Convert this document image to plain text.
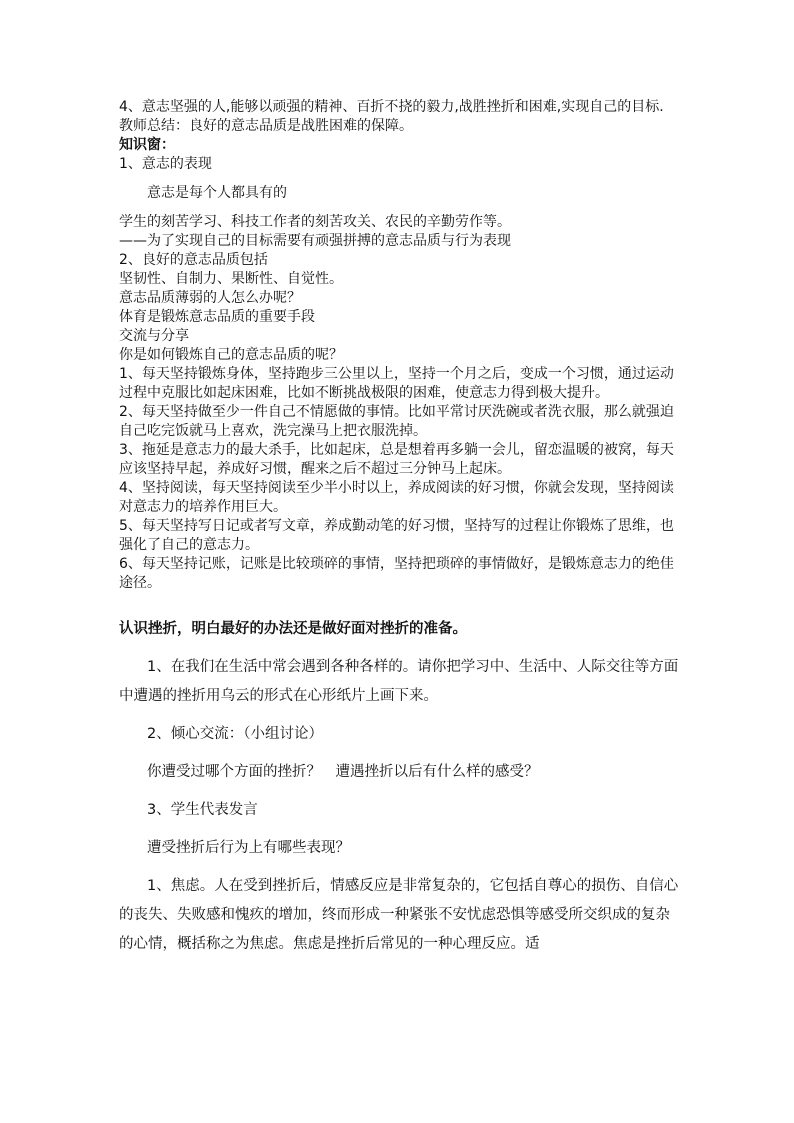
4、意志坚强的人,能够以顽强的精神、百折不挠的毅力,战胜挫折和困难,实现自己的目标.

教师总结：良好的意志品质是战胜困难的保障。

知识窗：

1、意志的表现

意志是每个人都具有的

学生的刻苦学习、科技工作者的刻苦攻关、农民的辛勤劳作等。

——为了实现自己的目标需要有顽强拼搏的意志品质与行为表现

2、良好的意志品质包括

坚韧性、自制力、果断性、自觉性。

意志品质薄弱的人怎么办呢？

体育是锻炼意志品质的重要手段

交流与分享

你是如何锻炼自己的意志品质的呢？

1、每天坚持锻炼身体，坚持跑步三公里以上，坚持一个月之后，变成一个习惯，通过运动过程中克服比如起床困难，比如不断挑战极限的困难，使意志力得到极大提升。

2、每天坚持做至少一件自己不情愿做的事情。比如平常讨厌洗碗或者洗衣服，那么就强迫自己吃完饭就马上喜欢，洗完澡马上把衣服洗掉。

3、拖延是意志力的最大杀手，比如起床，总是想着再多躺一会儿，留恋温暖的被窝，每天应该坚持早起，养成好习惯，醒来之后不超过三分钟马上起床。

4、坚持阅读，每天坚持阅读至少半小时以上，养成阅读的好习惯，你就会发现，坚持阅读对意志力的培养作用巨大。

5、每天坚持写日记或者写文章，养成勤动笔的好习惯，坚持写的过程让你锻炼了思维，也强化了自己的意志力。

6、每天坚持记账，记账是比较琐碎的事情，坚持把琐碎的事情做好，是锻炼意志力的绝佳途径。

认识挫折，明白最好的办法还是做好面对挫折的准备。

1、在我们在生活中常会遇到各种各样的。请你把学习中、生活中、人际交往等方面中遭遇的挫折用乌云的形式在心形纸片上画下来。

2、倾心交流：（小组讨论）

你遭受过哪个方面的挫折？　遭遇挫折以后有什么样的感受？

3、学生代表发言

遭受挫折后行为上有哪些表现？

1、焦虑。人在受到挫折后，情感反应是非常复杂的，它包括自尊心的损伤、自信心的丧失、失败感和愧疚的增加，终而形成一种紧张不安忧虑恐惧等感受所交织成的复杂的心情，概括称之为焦虑。焦虑是挫折后常见的一种心理反应。适
